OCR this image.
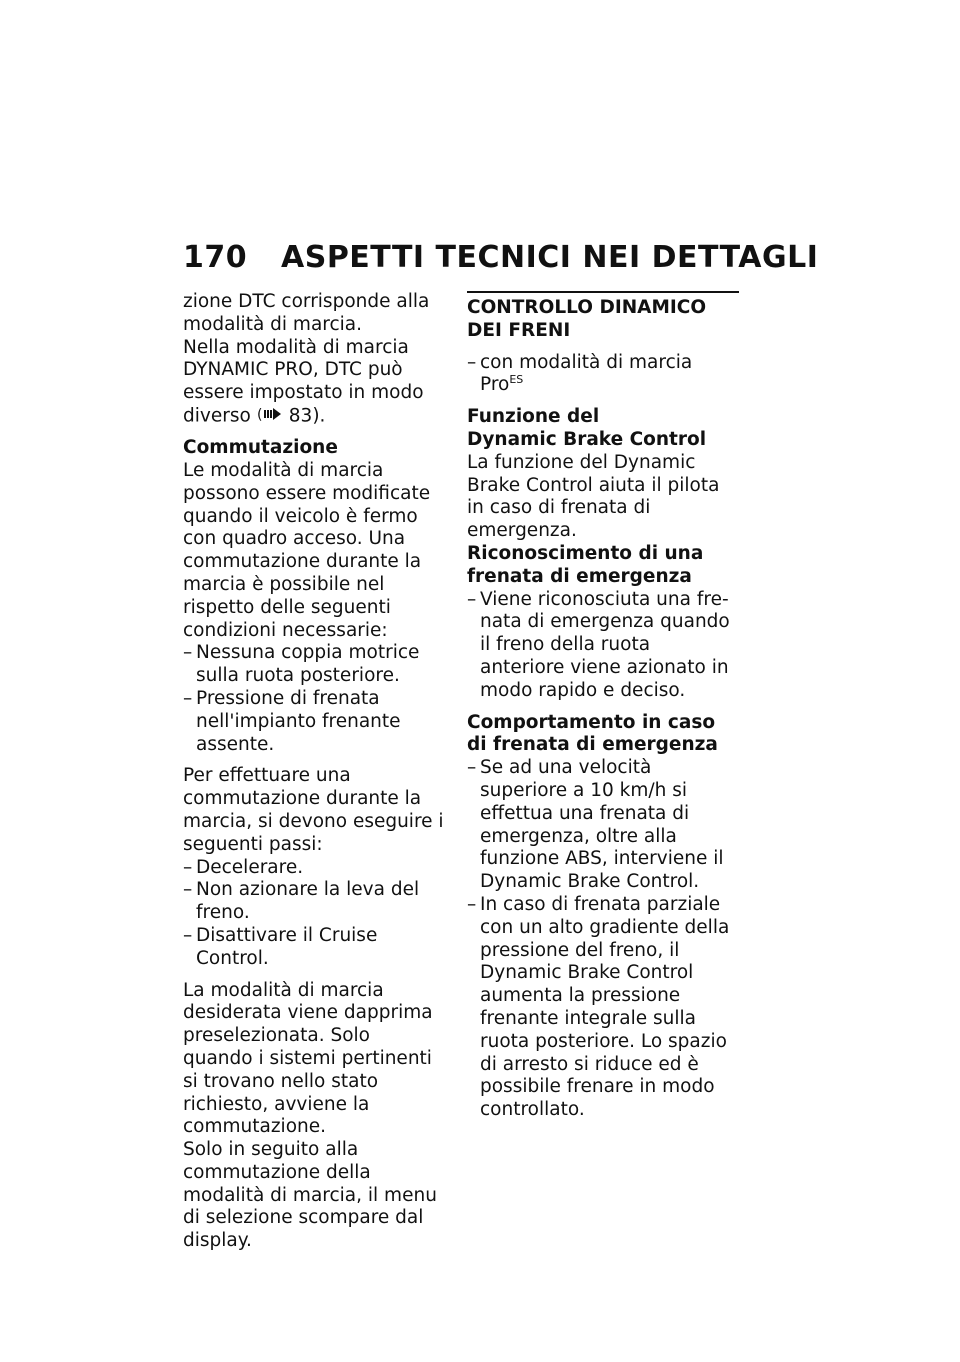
170 ASPETTI TECNICI NEI DETTAGLI

zione DTC corrisponde alla modalità di marcia.

Nella modalità di marcia DYNAMIC PRO, DTC può essere impostato in modo diverso ( 83).

Commutazione

Le modalità di marcia possono essere modificate quando il veicolo è fermo con quadro acceso. Una commutazione durante la marcia è possibile nel rispetto delle seguenti condizioni necessarie:

– Nessuna coppia motrice sulla ruota posteriore.
– Pressione di frenata nell'impianto frenante assente.

Per effettuare una commutazione durante la marcia, si devono eseguire i seguenti passi:

– Decelerare.
– Non azionare la leva del freno.
– Disattivare il Cruise Control.

La modalità di marcia desiderata viene dapprima preselezionata. Solo quando i sistemi pertinenti si trovano nello stato richiesto, avviene la commutazione.

Solo in seguito alla commutazione della modalità di marcia, il menu di selezione scompare dal display.

CONTROLLO DINAMICO DEI FRENI

– con modalità di marcia Pro$^{ES}$

Funzione del

Dynamic Brake Control

La funzione del Dynamic Brake Control aiuta il pilota in caso di frenata di emergenza.

Riconoscimento di una frenata di emergenza

– Viene riconosciuta una frenata di emergenza quando il freno della ruota anteriore viene azionato in modo rapido e deciso.

Comportamento in caso di frenata di emergenza

– Se ad una velocità superiore a 10 km/h si effettua una frenata di emergenza, oltre alla funzione ABS, interviene il Dynamic Brake Control.
– In caso di frenata parziale con un alto gradiente della pressione del freno, il Dynamic Brake Control aumenta la pressione frenante integrale sulla ruota posteriore. Lo spazio di arresto si riduce ed è possibile frenare in modo controllato.
